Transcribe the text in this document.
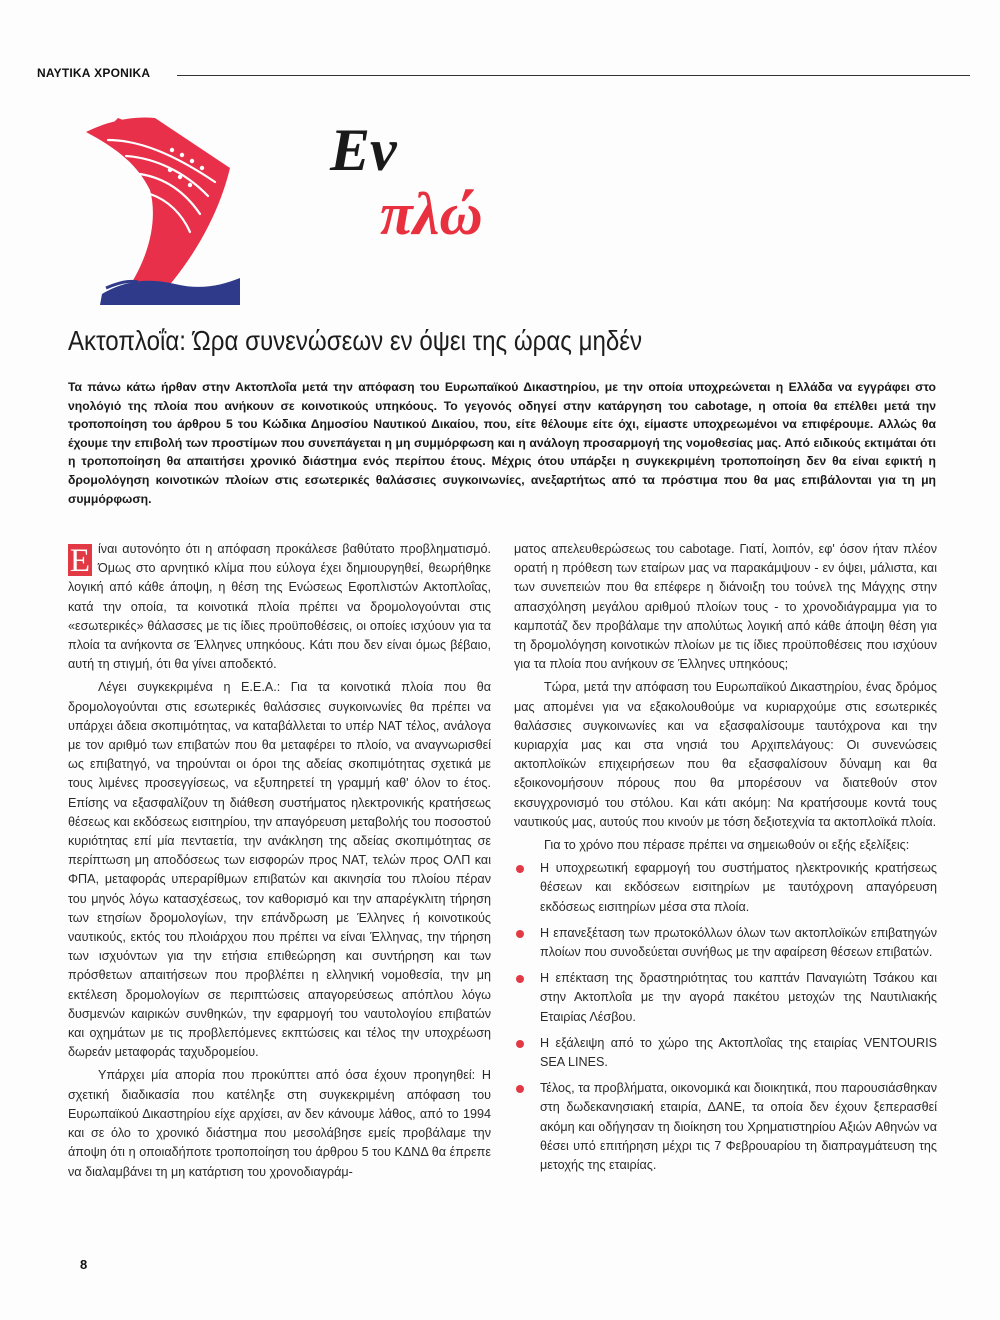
ΝΑΥΤΙΚΑ ΧΡΟΝΙΚΑ
Εν
πλώ
Ακτοπλοΐα: Ώρα συνενώσεων εν όψει της ώρας μηδέν

Τα πάνω κάτω ήρθαν στην Ακτοπλοΐα μετά την απόφαση του Ευρωπαϊκού Δικαστηρίου, με την οποία υποχρεώνεται η Ελλάδα να εγγράφει στο νηολόγιό της πλοία που ανήκουν σε κοινοτικούς υπηκόους. Το γεγονός οδηγεί στην κατάργηση του cabotage, η οποία θα επέλθει μετά την τροποποίηση του άρθρου 5 του Κώδικα Δημοσίου Ναυτικού Δικαίου, που, είτε θέλουμε είτε όχι, είμαστε υποχρεωμένοι να επιφέρουμε. Αλλώς θα έχουμε την επιβολή των προστίμων που συνεπάγεται η μη συμμόρφωση και η ανάλογη προσαρμογή της νομοθεσίας μας. Από ειδικούς εκτιμάται ότι η τροποποίηση θα απαιτήσει χρονικό διάστημα ενός περίπου έτους. Μέχρις ότου υπάρξει η συγκεκριμένη τροποποίηση δεν θα είναι εφικτή η δρομολόγηση κοινοτικών πλοίων στις εσωτερικές θαλάσσιες συγκοινωνίες, ανεξαρτήτως από τα πρόστιμα που θα μας επιβάλονται για τη μη συμμόρφωση.

Ε ίναι αυτονόητο ότι η απόφαση προκάλεσε βαθύτατο προβληματισμό. Όμως στο αρνητικό κλίμα που εύλογα έχει δημιουργηθεί, θεωρήθηκε λογική από κάθε άποψη, η θέση της Ενώσεως Εφοπλιστών Ακτοπλοΐας, κατά την οποία, τα κοινοτικά πλοία πρέπει να δρομολογούνται στις «εσωτερικές» θάλασσες με τις ίδιες προϋποθέσεις, οι οποίες ισχύουν για τα πλοία τα ανήκοντα σε Έλληνες υπηκόους. Κάτι που δεν είναι όμως βέβαιο, αυτή τη στιγμή, ότι θα γίνει αποδεκτό.

Λέγει συγκεκριμένα η Ε.Ε.Α.: Για τα κοινοτικά πλοία που θα δρομολογούνται στις εσωτερικές θαλάσσιες συγκοινωνίες θα πρέπει να υπάρχει άδεια σκοπιμότητας, να καταβάλλεται το υπέρ ΝΑΤ τέλος, ανάλογα με τον αριθμό των επιβατών που θα μεταφέρει το πλοίο, να αναγνωρισθεί ως επιβατηγό, να τηρούνται οι όροι της αδείας σκοπιμότητας σχετικά με τους λιμένες προσεγγίσεως, να εξυπηρετεί τη γραμμή καθ' όλον το έτος. Επίσης να εξασφαλίζουν τη διάθεση συστήματος ηλεκτρονικής κρατήσεως θέσεως και εκδόσεως εισιτηρίου, την απαγόρευση μεταβολής του ποσοστού κυριότητας επί μία πενταετία, την ανάκληση της αδείας σκοπιμότητας σε περίπτωση μη αποδόσεως των εισφορών προς ΝΑΤ, τελών προς ΟΛΠ και ΦΠΑ, μεταφοράς υπεραρίθμων επιβατών και ακινησία του πλοίου πέραν του μηνός λόγω κατασχέσεως, τον καθορισμό και την απαρέγκλιτη τήρηση των ετησίων δρομολογίων, την επάνδρωση με Έλληνες ή κοινοτικούς ναυτικούς, εκτός του πλοιάρχου που πρέπει να είναι Έλληνας, την τήρηση των ισχυόντων για την ετήσια επιθεώρηση και συντήρηση και των πρόσθετων απαιτήσεων που προβλέπει η ελληνική νομοθεσία, την μη εκτέλεση δρομολογίων σε περιπτώσεις απαγορεύσεως απόπλου λόγω δυσμενών καιρικών συνθηκών, την εφαρμογή του ναυτολογίου επιβατών και οχημάτων με τις προβλεπόμενες εκπτώσεις και τέλος την υποχρέωση δωρεάν μεταφοράς ταχυδρομείου.

Υπάρχει μία απορία που προκύπτει από όσα έχουν προηγηθεί: Η σχετική διαδικασία που κατέληξε στη συγκεκριμένη απόφαση του Ευρωπαϊκού Δικαστηρίου είχε αρχίσει, αν δεν κάνουμε λάθος, από το 1994 και σε όλο το χρονικό διάστημα που μεσολάβησε εμείς προβάλαμε την άποψη ότι η οποιαδήποτε τροποποίηση του άρθρου 5 του ΚΔΝΔ θα έπρεπε να διαλαμβάνει τη μη κατάρτιση του χρονοδιαγράμ-

ματος απελευθερώσεως του cabotage. Γιατί, λοιπόν, εφ' όσον ήταν πλέον ορατή η πρόθεση των εταίρων μας να παρακάμψουν - εν όψει, μάλιστα, και των συνεπειών που θα επέφερε η διάνοιξη του τούνελ της Μάγχης στην απασχόληση μεγάλου αριθμού πλοίων τους - το χρονοδιάγραμμα για το καμποτάζ δεν προβάλαμε την απολύτως λογική από κάθε άποψη θέση για τη δρομολόγηση κοινοτικών πλοίων με τις ίδιες προϋποθέσεις που ισχύουν για τα πλοία που ανήκουν σε Έλληνες υπηκόους;

Τώρα, μετά την απόφαση του Ευρωπαϊκού Δικαστηρίου, ένας δρόμος μας απομένει για να εξακολουθούμε να κυριαρχούμε στις εσωτερικές θαλάσσιες συγκοινωνίες και να εξασφαλίσουμε ταυτόχρονα και την κυριαρχία μας και στα νησιά του Αρχιπελάγους: Οι συνενώσεις ακτοπλοϊκών επιχειρήσεων που θα εξασφαλίσουν δύναμη και θα εξοικονομήσουν πόρους που θα μπορέσουν να διατεθούν στον εκσυγχρονισμό του στόλου. Και κάτι ακόμη: Να κρατήσουμε κοντά τους ναυτικούς μας, αυτούς που κινούν με τόση δεξιοτεχνία τα ακτοπλοϊκά πλοία.

Για το χρόνο που πέρασε πρέπει να σημειωθούν οι εξής εξελίξεις:

Η υποχρεωτική εφαρμογή του συστήματος ηλεκτρονικής κρατήσεως θέσεων και εκδόσεων εισιτηρίων με ταυτόχρονη απαγόρευση εκδόσεως εισιτηρίων μέσα στα πλοία.
Η επανεξέταση των πρωτοκόλλων όλων των ακτοπλοϊκών επιβατηγών πλοίων που συνοδεύεται συνήθως με την αφαίρεση θέσεων επιβατών.
Η επέκταση της δραστηριότητας του καπτάν Παναγιώτη Τσάκου και στην Ακτοπλοΐα με την αγορά πακέτου μετοχών της Ναυτιλιακής Εταιρίας Λέσβου.
Η εξάλειψη από το χώρο της Ακτοπλοΐας της εταιρίας VENTOURIS SEA LINES.
Τέλος, τα προβλήματα, οικονομικά και διοικητικά, που παρουσιάσθηκαν στη δωδεκανησιακή εταιρία, ΔΑΝΕ, τα οποία δεν έχουν ξεπερασθεί ακόμη και οδήγησαν τη διοίκηση του Χρηματιστηρίου Αξιών Αθηνών να θέσει υπό επιτήρηση μέχρι τις 7 Φεβρουαρίου τη διαπραγμάτευση της μετοχής της εταιρίας.
8
